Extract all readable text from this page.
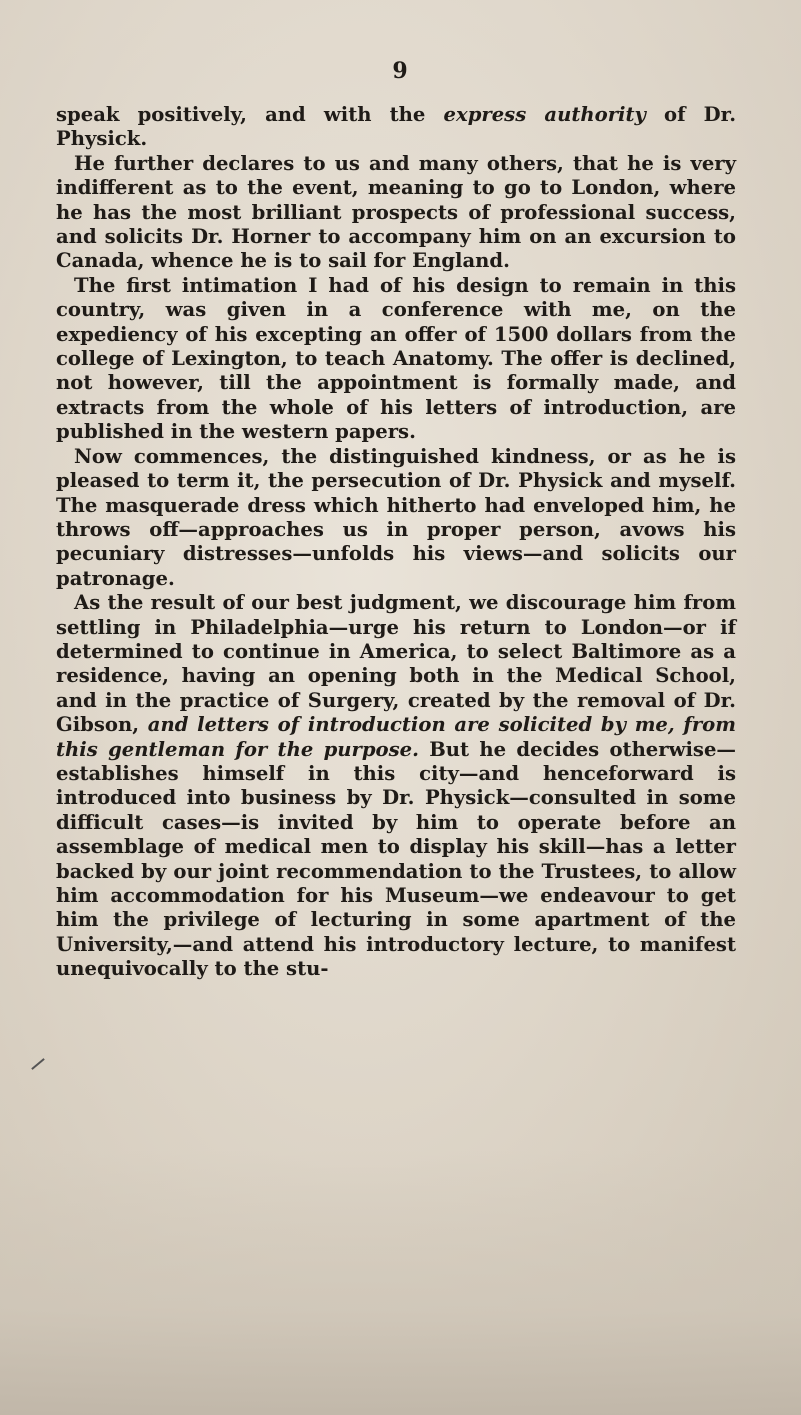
9

speak positively, and with the express authority of Dr. Physick.

He further declares to us and many others, that he is very indifferent as to the event, meaning to go to London, where he has the most brilliant prospects of professional success, and solicits Dr. Horner to accompany him on an excursion to Canada, whence he is to sail for England.

The first intimation I had of his design to remain in this country, was given in a conference with me, on the expediency of his excepting an offer of 1500 dollars from the college of Lexington, to teach Anatomy. The offer is declined, not however, till the appointment is formally made, and extracts from the whole of his letters of introduction, are published in the western papers.

Now commences, the distinguished kindness, or as he is pleased to term it, the persecution of Dr. Physick and myself. The masquerade dress which hitherto had enveloped him, he throws off—approaches us in proper person, avows his pecuniary distresses—unfolds his views—and solicits our patronage.

As the result of our best judgment, we discourage him from settling in Philadelphia—urge his return to London—or if determined to continue in America, to select Baltimore as a residence, having an opening both in the Medical School, and in the practice of Surgery, created by the removal of Dr. Gibson, and letters of introduction are solicited by me, from this gentleman for the purpose. But he decides otherwise—establishes himself in this city—and henceforward is introduced into business by Dr. Physick—consulted in some difficult cases—is invited by him to operate before an assemblage of medical men to display his skill—has a letter backed by our joint recommendation to the Trustees, to allow him accommodation for his Museum—we endeavour to get him the privilege of lecturing in some apartment of the University,—and attend his introductory lecture, to manifest unequivocally to the stu-
